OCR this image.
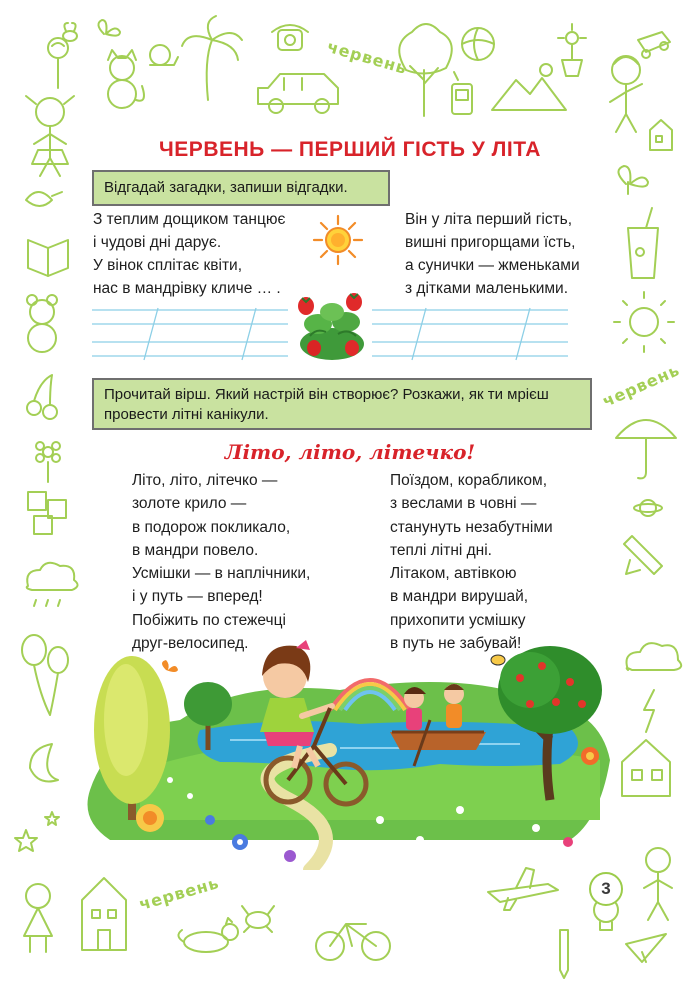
червень
червень
червень
ЧЕРВЕНЬ — ПЕРШИЙ ГІСТЬ У ЛІТА
Відгадай загадки, запиши відгадки.
З теплим дощиком танцює
і чудові дні дарує.
У вінок сплітає квіти,
нас в мандрівку кличе … .
Він у літа перший гість,
вишні пригорщами їсть,
а сунички — жменьками
з дітками маленькими.
Прочитай вірш. Який настрій він створює? Розкажи, як ти мрієш провести літні канікули.
Літо, літо, літечко!
Літо, літо, літечко —
золоте крило —
в подорож покликало,
в мандри повело.
Усмішки — в наплічники,
і у путь — вперед!
Побіжить по стежечці
друг-велосипед.
Поїздом, корабликом,
з веслами в човні —
станунуть незабутніми
теплі літні дні.
Літаком, автівкою
в мандри вирушай,
прихопити усмішку
в путь не забувай!
3
